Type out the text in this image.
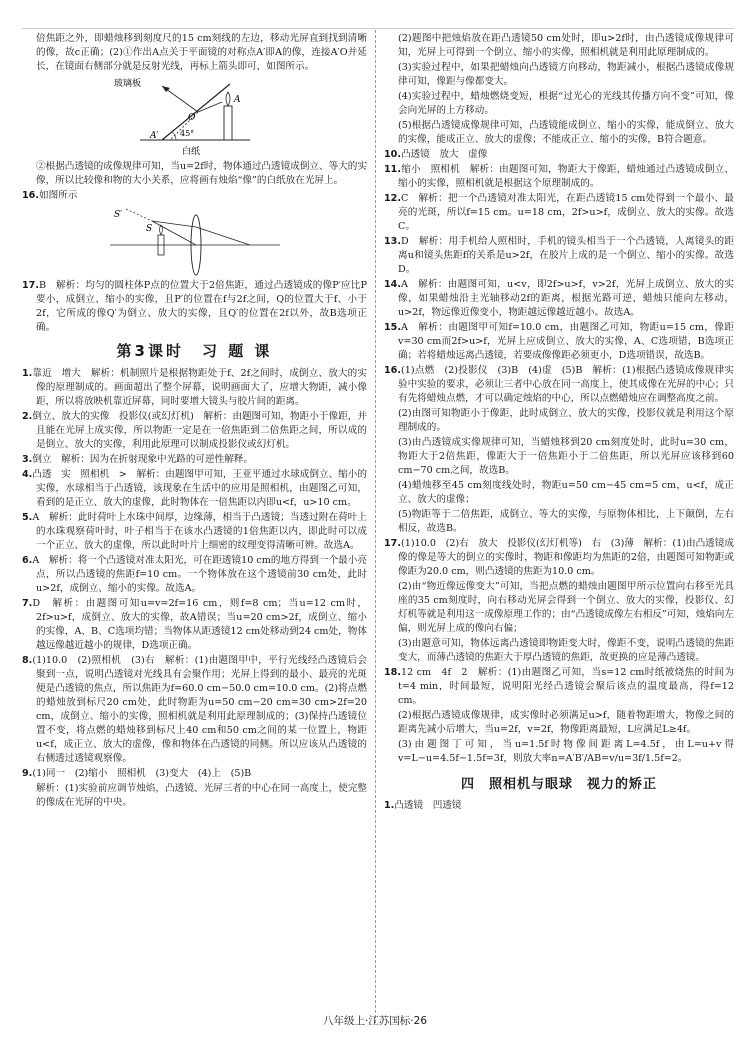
倍焦距之外，即蜡烛移到刻度尺的15 cm刻线的左边，移动光屏直到找到清晰的像，故c正确；(2)①作出A点关于平面镜的对称点A′即A的像，连接A′O并延长，在镜面右侧部分就是反射光线，再标上箭头即可，如图所示。

玻璃板
O
A
A′	45°
白纸

②根据凸透镜的成像规律可知，当u=2f时，物体通过凸透镜成倒立、等大的实像，所以比较像和物的大小关系，应将画有烛焰“像”的白纸放在光屏上。

16.如图所示

S′
S

17.B　解析：均匀的圆柱体P点的位置大于2倍焦距，通过凸透镜成的像P′应比P要小，成倒立、缩小的实像，且P′的位置在f与2f之间，Q的位置大于f、小于2f，它所成的像Q′为倒立、放大的实像，且Q′的位置在2f以外，故B选项正确。

第3课时　习 题 课

1.靠近　增大　解析：机制照片是根据物距处于f、2f之间时，成倒立、放大的实像的原理制成的。画面超出了整个屏幕，说明画面大了，应增大物距，减小像距，所以将放映机靠近屏幕，同时要增大镜头与胶片间的距离。

2.倒立、放大的实像　投影仪(或幻灯机)　解析：由题图可知，物距小于像距，并且能在光屏上成实像，所以物距一定是在一倍焦距到二倍焦距之间，所以成的是倒立、放大的实像，利用此原理可以制成投影仪或幻灯机。

3.倒立　解析：因为在折射现象中光路的可逆性解释。

4.凸透　实　照相机　>　解析：由题图甲可知，王亚平通过水球成倒立、缩小的实像，水球相当于凸透镜，该现象在生活中的应用是照相机，由题图乙可知，看到的是正立、放大的虚像，此时物体在一倍焦距以内即u<f，u>10 cm。

5.A　解析：此时荷叶上水珠中间厚，边缘薄，相当于凸透镜；当透过附在荷叶上的水珠观察荷叶时，叶子相当于在该水凸透镜的1倍焦距以内，即此时可以成一个正立、放大的虚像，所以此时叶片上细密的纹理变得清晰可辨。故选A。

6.A　解析：将一个凸透镜对准太阳光，可在距透镜10 cm的地方得到一个最小亮点，所以凸透镜的焦距f=10 cm。一个物体放在这个透镜前30 cm处，此时u>2f，成倒立、缩小的实像。故选A。

7.D　解析：由题图可知u=v=2f=16 cm，则f=8 cm；当u=12 cm时，2f>u>f，成倒立、放大的实像，故A错误；当u=20 cm>2f，成倒立、缩小的实像，A、B、C选项均错；当物体从距透镜12 cm处移动到24 cm处，物体越远像越近越小的规律，D选项正确。

8.(1)10.0　(2)照相机　(3)右　解析：(1)由题图甲中，平行光线经凸透镜后会聚到一点，说明凸透镜对光线具有会聚作用；光屏上得到的最小、最亮的光斑便是凸透镜的焦点，所以焦距为f=60.0 cm−50.0 cm=10.0 cm。(2)将点燃的蜡烛放到标尺20 cm处，此时物距为u=50 cm−20 cm=30 cm>2f=20 cm，成倒立、缩小的实像，照相机就是利用此原理制成的；(3)保持凸透镜位置不变，将点燃的蜡烛移到标尺上40 cm和50 cm之间的某一位置上，物距u<f，成正立、放大的虚像，像和物体在凸透镜的同侧。所以应该从凸透镜的右侧透过透镜观察像。

9.(1)同一　(2)缩小　照相机　(3)变大　(4)上　(5)B

解析：(1)实验前应调节烛焰，凸透镜、光屏三者的中心在同一高度上，使完整的像成在光屏的中央。

(2)题图中把烛焰放在距凸透镜50 cm处时，即u>2f时，由凸透镜成像规律可知，光屏上可得到一个倒立、缩小的实像，照相机就是利用此原理制成的。

(3)实验过程中，如果把蜡烛向凸透镜方向移动，物距减小，根据凸透镜成像规律可知，像距与像都变大。

(4)实验过程中，蜡烛燃烧变短，根据“过光心的光线其传播方向不变”可知，像会向光屏的上方移动。

(5)根据凸透镜成像规律可知，凸透镜能成倒立、缩小的实像，能成倒立、放大的实像，能成正立、放大的虚像；不能成正立、缩小的实像，B符合题意。

10.凸透镜　放大　虚像

11.缩小　照相机　解析：由题图可知，物距大于像距，蜡烛通过凸透镜成倒立、缩小的实像，照相机就是根据这个原理制成的。

12.C　解析：把一个凸透镜对准太阳光，在距凸透镜15 cm处得到一个最小、最亮的光斑，所以f=15 cm。u=18 cm，2f>u>f，成倒立、放大的实像。故选C。

13.D　解析：用手机给人照相时，手机的镜头相当于一个凸透镜，人离镜头的距离u和镜头焦距f的关系是u>2f，在胶片上成的是一个倒立、缩小的实像。故选D。

14.A　解析：由题图可知，u<v，即2f>u>f，v>2f，光屏上成倒立、放大的实像，如果蜡烛沿主光轴移动2f的距离，根据光路可逆，蜡烛只能向左移动，u>2f，物远像近像变小，物距越远像越近越小。故选A。

15.A　解析：由题图甲可知f=10.0 cm，由题图乙可知，物距u=15 cm，像距v=30 cm而2f>u>f，光屏上应成倒立、放大的实像，A、C选项错，B选项正确；若将蜡烛远离凸透镜，若要成像像距必须更小，D选项错误，故选B。

16.(1)点燃　(2)投影仪　(3)B　(4)虚　(5)B　解析：(1)根据凸透镜成像规律实验中实验的要求，必须让三者中心放在同一高度上，使其成像在光屏的中心；只有先将蜡烛点燃，才可以确定烛焰的中心，所以点燃蜡烛应在调整高度之前。

(2)由图可知物距小于像距，此时成倒立、放大的实像，投影仪就是利用这个原理制成的。

(3)由凸透镜成实像规律可知，当蜡烛移到20 cm刻度处时，此时u=30 cm，物距大于2倍焦距，像距大于一倍焦距小于二倍焦距，所以光屏应该移到60 cm−70 cm之间，故选B。

(4)蜡烛移至45 cm刻度线处时，物距u=50 cm−45 cm=5 cm，u<f，成正立、放大的虚像；

(5)物距等于二倍焦距，成倒立、等大的实像，与原物体相比，上下颠倒，左右相反，故选B。

17.(1)10.0　(2)右　放大　投影仪(幻灯机等)　右　(3)薄　解析：(1)由凸透镜成像的像是等大的倒立的实像时，物距和像距均为焦距的2倍，由题图可知物距或像距为20.0 cm，则凸透镜的焦距为10.0 cm。

(2)由“物近像远像变大”可知，当把点燃的蜡烛由题图甲所示位置向右移至光具座的35 cm刻度时，向右移动光屏会得到一个倒立、放大的实像，投影仪、幻灯机等就是利用这一成像原理工作的；由“凸透镜成像左右相反”可知，烛焰向左偏，则光屏上成的像向右偏；

(3)由题意可知，物体远离凸透镜即物距变大时，像距不变，说明凸透镜的焦距变大，而薄凸透镜的焦距大于厚凸透镜的焦距，故更换的应是薄凸透镜。

18.12 cm　4f　2　解析：(1)由题图乙可知，当s=12 cm时纸被烧焦的时间为t=4 min，时间最短，说明阳光经凸透镜会聚后该点的温度最高，得f=12 cm。

(2)根据凸透镜成像规律，成实像时必须满足u>f，随着物距增大，物像之间的距离先减小后增大，当u=2f，v=2f，物像距离最短，L应满足L≥4f。

(3)由题图丁可知，当u=1.5f时物像间距离L=4.5f，由L=u+v得v=L−u=4.5f−1.5f=3f，则放大率n=A′B′/AB=v/u=3f/1.5f=2。

四　照相机与眼球　视力的矫正

1.凸透镜　凹透镜

八年级上·江苏国标·26
